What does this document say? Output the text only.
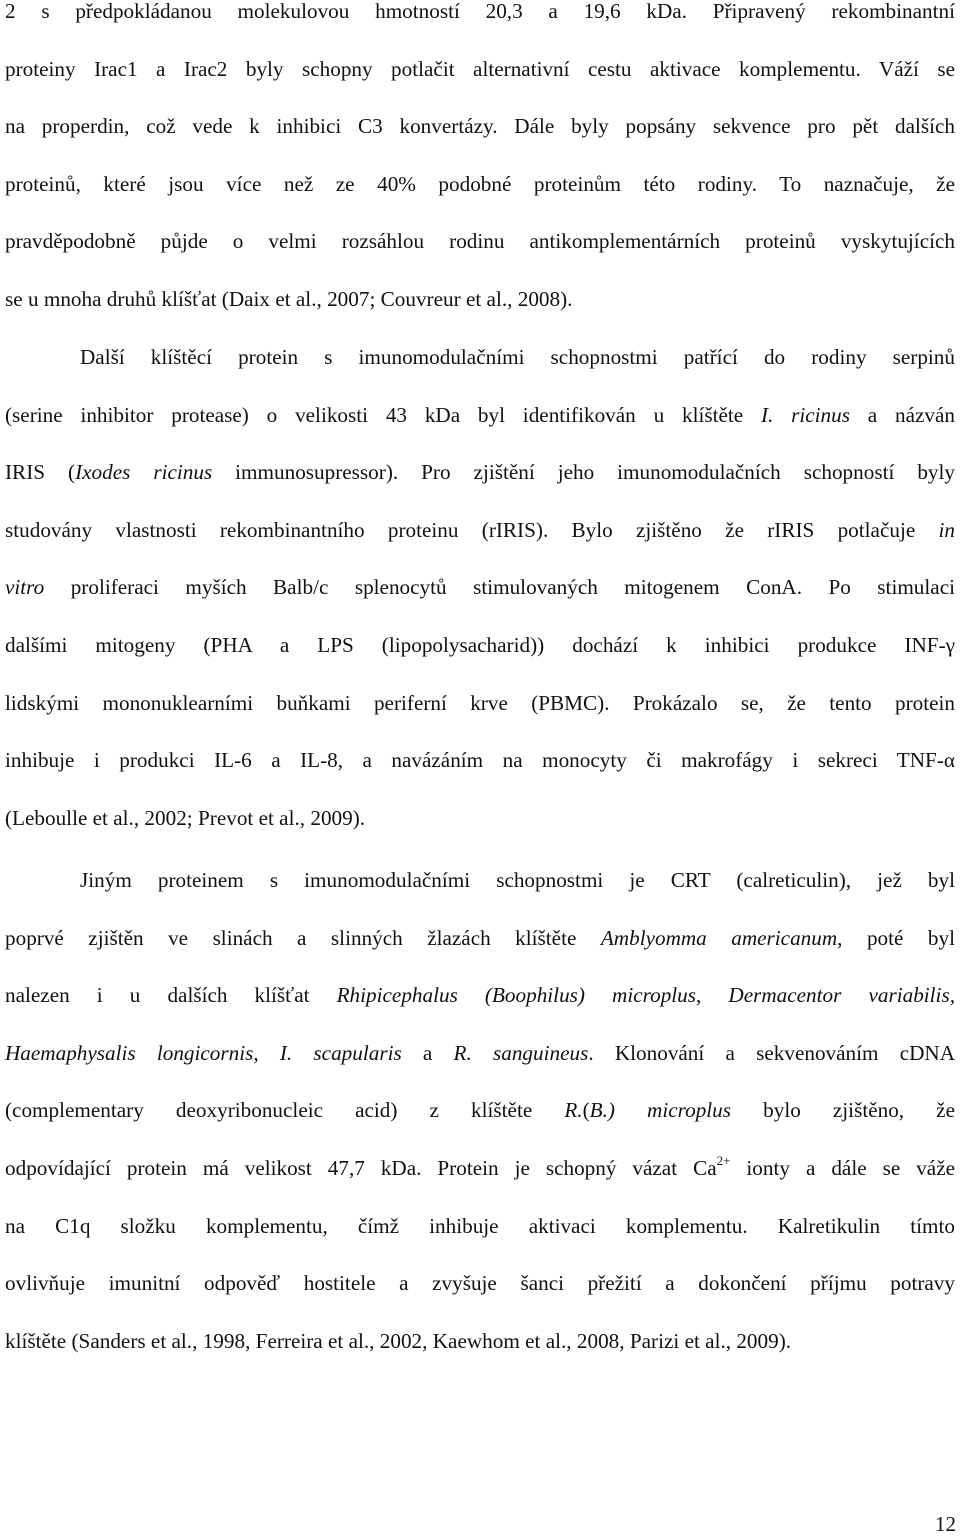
2 s předpokládanou molekulovou hmotností 20,3 a 19,6 kDa. Připravený rekombinantní
proteiny Irac1 a Irac2 byly schopny potlačit alternativní cestu aktivace komplementu. Váží se
na properdin, což vede k inhibici C3 konvertázy. Dále byly popsány sekvence pro pět dalších
proteinů, které jsou více než ze 40% podobné proteinům této rodiny. To naznačuje, že
pravděpodobně půjde o velmi rozsáhlou rodinu antikomplementárních proteinů vyskytujících
se u mnoha druhů klíšťat (Daix et al., 2007; Couvreur et al., 2008).
Další klíštěcí protein s imunomodulačními schopnostmi patřící do rodiny serpinů
(serine inhibitor protease) o velikosti 43 kDa byl identifikován u klíštěte I. ricinus a názván
IRIS (Ixodes ricinus immunosupressor). Pro zjištění jeho imunomodulačních schopností byly
studovány vlastnosti rekombinantního proteinu (rIRIS). Bylo zjištěno že rIRIS potlačuje in
vitro proliferaci myších Balb/c splenocytů stimulovaných mitogenem ConA. Po stimulaci
dalšími mitogeny (PHA a LPS (lipopolysacharid)) dochází k inhibici produkce INF-γ
lidskými mononuklearními buňkami periferní krve (PBMC). Prokázalo se, že tento protein
inhibuje i produkci IL-6 a IL-8, a navázáním na monocyty či makrofágy i sekreci TNF-α
(Leboulle et al., 2002; Prevot et al., 2009).
Jiným proteinem s imunomodulačními schopnostmi je CRT (calreticulin), jež byl
poprvé zjištěn ve slinách a slinných žlazách klíštěte Amblyomma americanum, poté byl
nalezen i u dalších klíšťat Rhipicephalus (Boophilus) microplus, Dermacentor variabilis,
Haemaphysalis longicornis, I. scapularis a R. sanguineus. Klonování a sekvenováním cDNA
(complementary deoxyribonucleic acid) z klíštěte R.(B.) microplus bylo zjištěno, že
odpovídající protein má velikost 47,7 kDa. Protein je schopný vázat $Ca^{2+}$ ionty a dále se váže
na C1q složku komplementu, čímž inhibuje aktivaci komplementu. Kalretikulin tímto
ovlivňuje imunitní odpověď hostitele a zvyšuje šanci přežití a dokončení příjmu potravy
klíštěte (Sanders et al., 1998, Ferreira et al., 2002, Kaewhom et al., 2008, Parizi et al., 2009).
12
